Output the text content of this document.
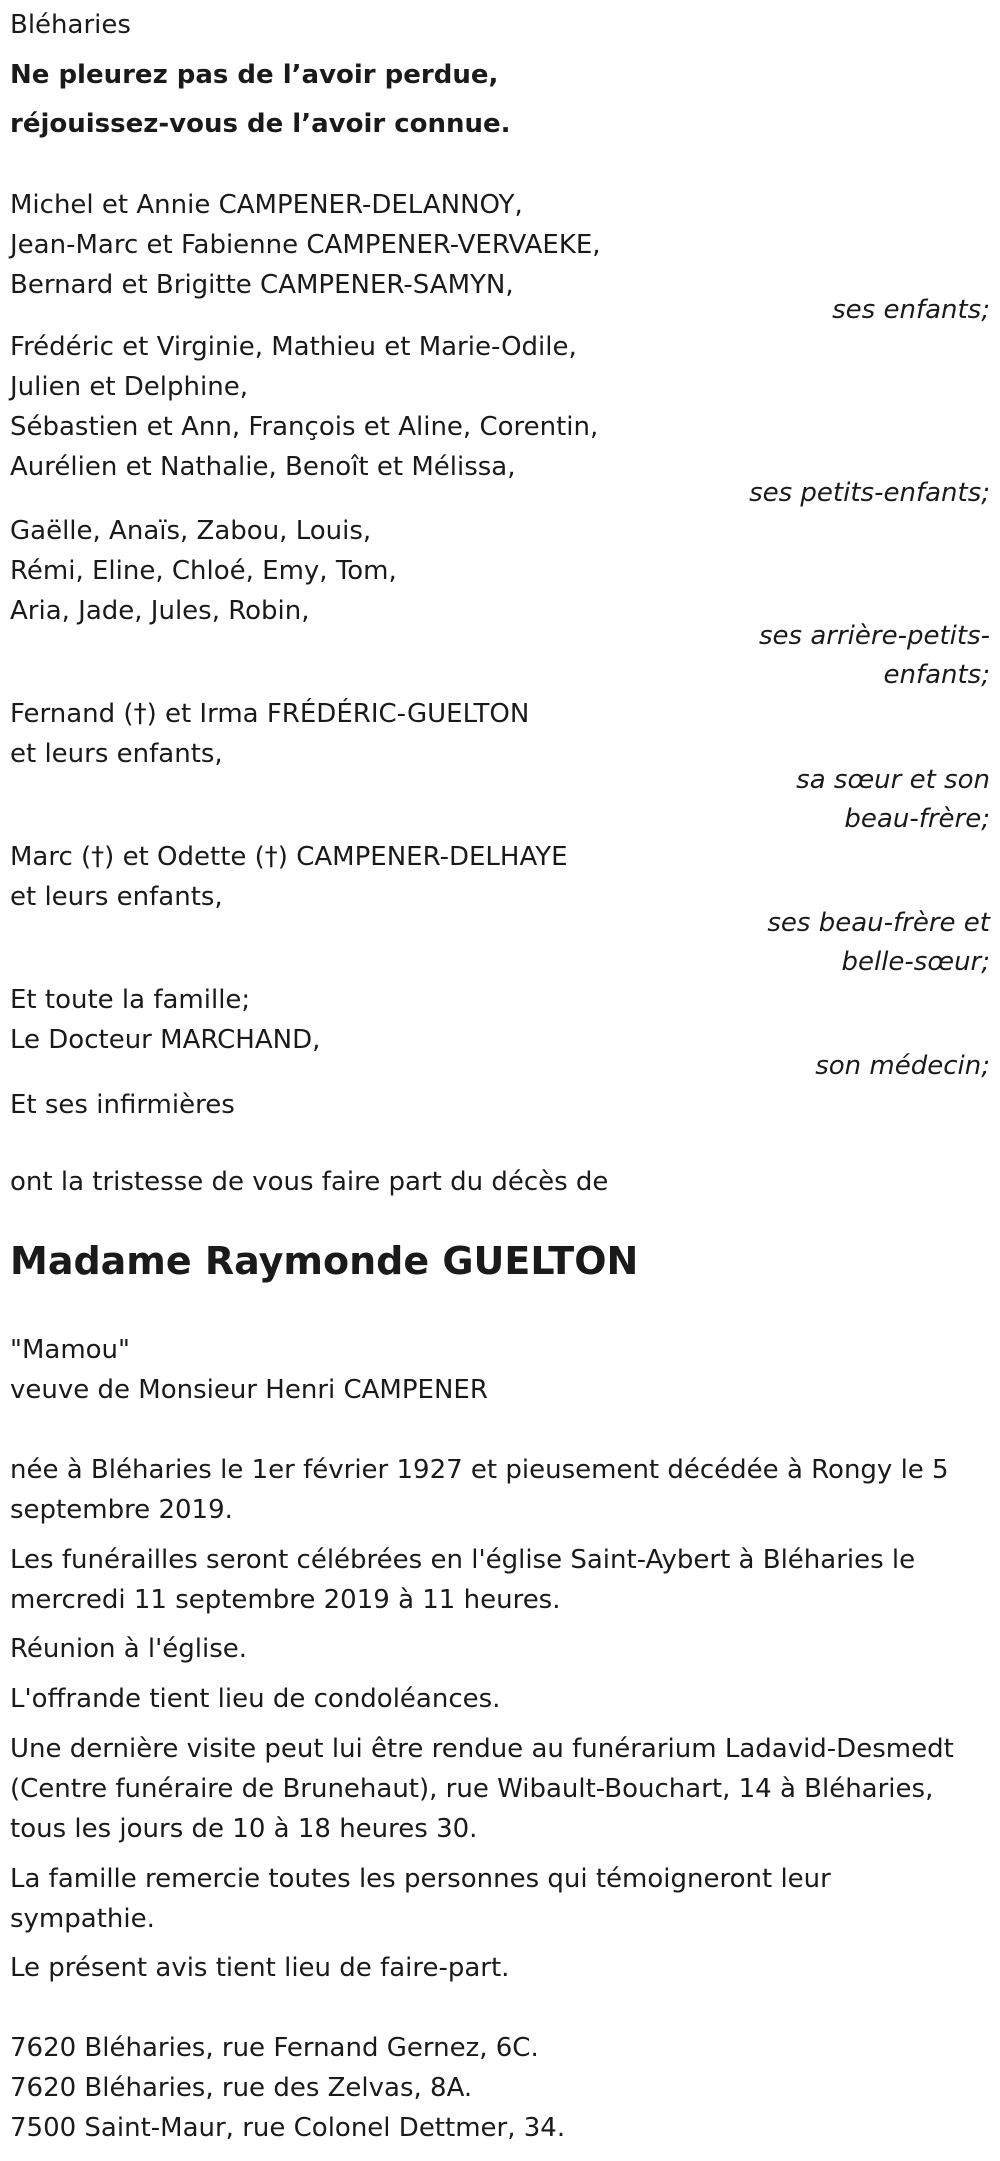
Bléharies
Ne pleurez pas de l’avoir perdue,
réjouissez-vous de l’avoir connue.
Michel et Annie CAMPENER-DELANNOY,
Jean-Marc et Fabienne CAMPENER-VERVAEKE,
Bernard et Brigitte CAMPENER-SAMYN,
ses enfants;
Frédéric et Virginie, Mathieu et Marie-Odile,
Julien et Delphine,
Sébastien et Ann, François et Aline, Corentin,
Aurélien et Nathalie, Benoît et Mélissa,
ses petits-enfants;
Gaëlle, Anaïs, Zabou, Louis,
Rémi, Eline, Chloé, Emy, Tom,
Aria, Jade, Jules, Robin,
ses arrière-petits-
enfants;
Fernand (†) et Irma FRÉDÉRIC-GUELTON
et leurs enfants,
sa sœur et son
beau-frère;
Marc (†) et Odette (†) CAMPENER-DELHAYE
et leurs enfants,
ses beau-frère et
belle-sœur;
Et toute la famille;
Le Docteur MARCHAND,
son médecin;
Et ses infirmières
ont la tristesse de vous faire part du décès de
Madame Raymonde GUELTON
"Mamou"
veuve de Monsieur Henri CAMPENER
née à Bléharies le 1er février 1927 et pieusement décédée à Rongy le 5
septembre 2019.
Les funérailles seront célébrées en l'église Saint-Aybert à Bléharies le
mercredi 11 septembre 2019 à 11 heures.
Réunion à l'église.
L'offrande tient lieu de condoléances.
Une dernière visite peut lui être rendue au funérarium Ladavid-Desmedt
(Centre funéraire de Brunehaut), rue Wibault-Bouchart, 14 à Bléharies,
tous les jours de 10 à 18 heures 30.
La famille remercie toutes les personnes qui témoigneront leur
sympathie.
Le présent avis tient lieu de faire-part.
7620 Bléharies, rue Fernand Gernez, 6C.
7620 Bléharies, rue des Zelvas, 8A.
7500 Saint-Maur, rue Colonel Dettmer, 34.
